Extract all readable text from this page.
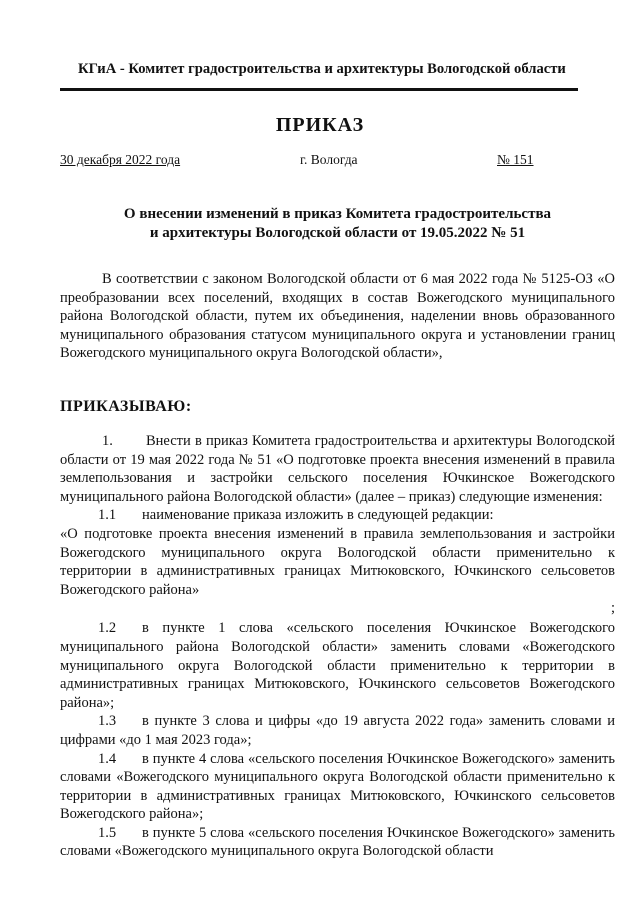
КГиА - Комитет градостроительства и архитектуры Вологодской области
ПРИКАЗ
30 декабря 2022 года	г. Вологда	№ 151
О внесении изменений в приказ Комитета градостроительства
и архитектуры Вологодской области от 19.05.2022 № 51

В соответствии с законом Вологодской области от 6 мая 2022 года № 5125-ОЗ «О преобразовании всех поселений, входящих в состав Вожегодского муниципального района Вологодской области, путем их объединения, наделении вновь образованного муниципального образования статусом муниципального округа и установлении границ Вожегодского муниципального округа Вологодской области»,

ПРИКАЗЫВАЮ:

1. Внести в приказ Комитета градостроительства и архитектуры Вологодской области от 19 мая 2022 года № 51 «О подготовке проекта внесения изменений в правила землепользования и застройки сельского поселения Ючкинское Вожегодского муниципального района Вологодской области» (далее – приказ) следующие изменения:

1.1 наименование приказа изложить в следующей редакции:

«О подготовке проекта внесения изменений в правила землепользования и застройки Вожегодского муниципального округа Вологодской области применительно к территории в административных границах Митюковского, Ючкинского сельсоветов Вожегодского района»

;

1.2 в пункте 1 слова «сельского поселения Ючкинское Вожегодского муниципального района Вологодской области» заменить словами «Вожегодского муниципального округа Вологодской области применительно к территории в административных границах Митюковского, Ючкинского сельсоветов Вожегодского района»;

1.3 в пункте 3 слова и цифры «до 19 августа 2022 года» заменить словами и цифрами «до 1 мая 2023 года»;

1.4 в пункте 4 слова «сельского поселения Ючкинское Вожегодского» заменить словами «Вожегодского муниципального округа Вологодской области применительно к территории в административных границах Митюковского, Ючкинского сельсоветов Вожегодского района»;

1.5 в пункте 5 слова «сельского поселения Ючкинское Вожегодского» заменить словами «Вожегодского муниципального округа Вологодской области
